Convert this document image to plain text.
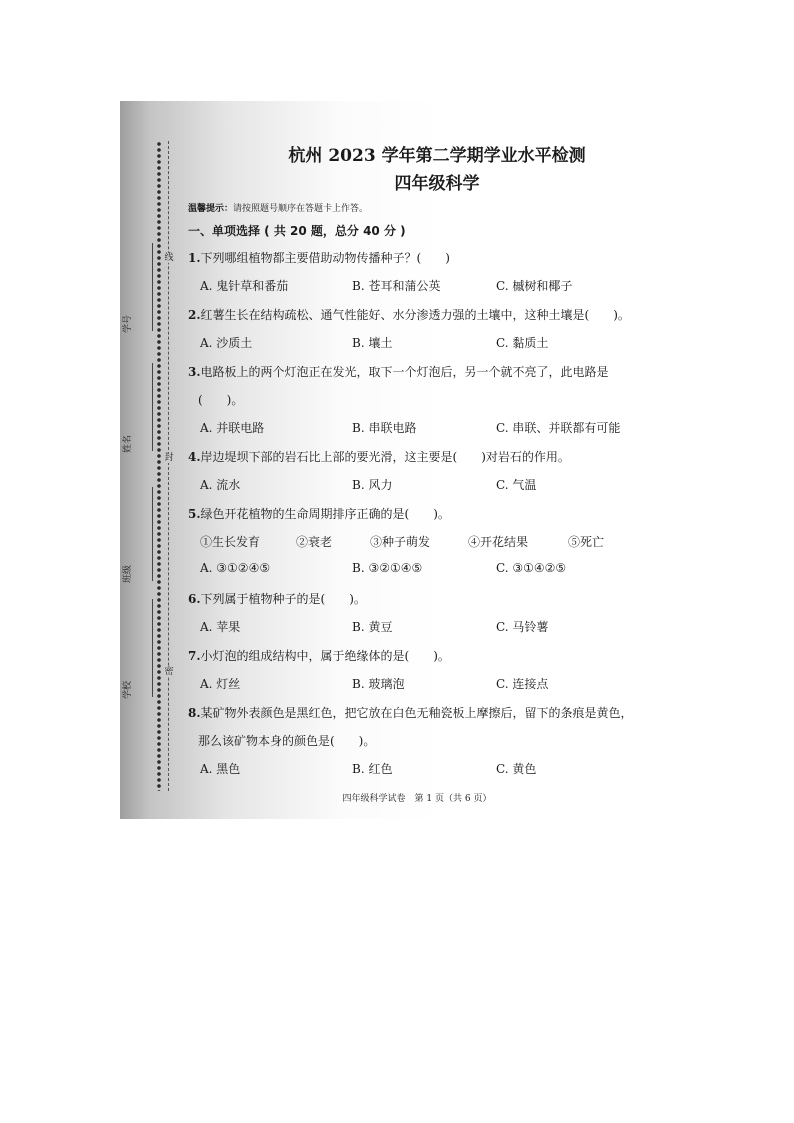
学号
姓名
班级
学校
线
封
密
杭州 2023 学年第二学期学业水平检测
四年级科学
温馨提示：请按照题号顺序在答题卡上作答。
一、单项选择 ( 共 20 题，总分 40 分 )
1.下列哪组植物都主要借助动物传播种子？(　　)
A. 鬼针草和番茄	B. 苍耳和蒲公英	C. 槭树和椰子
2.红薯生长在结构疏松、通气性能好、水分渗透力强的土壤中，这种土壤是(　　)。
A. 沙质土	B. 壤土	C. 黏质土
3.电路板上的两个灯泡正在发光，取下一个灯泡后，另一个就不亮了，此电路是
(　　)。
A. 并联电路	B. 串联电路	C. 串联、并联都有可能
4.岸边堤坝下部的岩石比上部的要光滑，这主要是(　　)对岩石的作用。
A. 流水	B. 风力	C. 气温
5.绿色开花植物的生命周期排序正确的是(　　)。
①生长发育	②衰老	③种子萌发	④开花结果	⑤死亡
A. ③①②④⑤	B. ③②①④⑤	C. ③①④②⑤
6.下列属于植物种子的是(　　)。
A. 苹果	B. 黄豆	C. 马铃薯
7.小灯泡的组成结构中，属于绝缘体的是(　　)。
A. 灯丝	B. 玻璃泡	C. 连接点
8.某矿物外表颜色是黑红色，把它放在白色无釉瓷板上摩擦后，留下的条痕是黄色，
那么该矿物本身的颜色是(　　)。
A. 黑色	B. 红色	C. 黄色
四年级科学试卷　第 1 页（共 6 页）
